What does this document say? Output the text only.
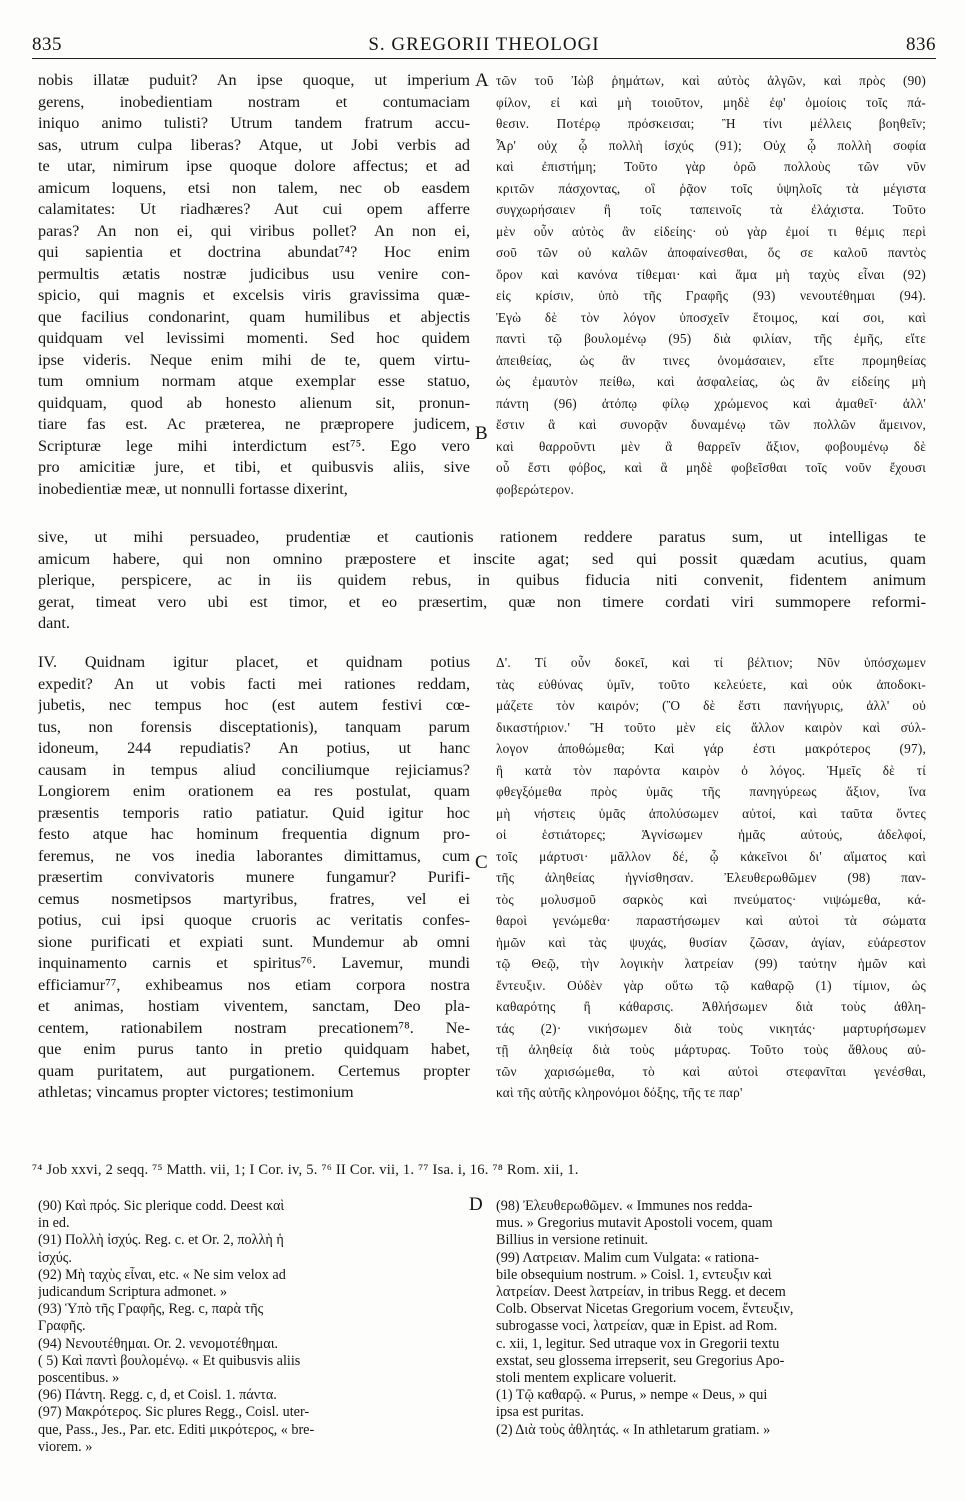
835	S. GREGORII THEOLOGI	836
nobis illatæ puduit? An ipse quoque, ut imperium
gerens, inobedientiam nostram et contumaciam
iniquo animo tulisti? Utrum tandem fratrum accu-
sas, utrum culpa liberas? Atque, ut Jobi verbis ad
te utar, nimirum ipse quoque dolore affectus; et ad
amicum loquens, etsi non talem, nec ob easdem
calamitates: Ut riadhæres? Aut cui opem afferre
paras? An non ei, qui viribus pollet? An non ei,
qui sapientia et doctrina abundat⁷⁴? Hoc enim
permultis ætatis nostræ judicibus usu venire con-
spicio, qui magnis et excelsis viris gravissima quæ-
que facilius condonarint, quam humilibus et abjectis
quidquam vel levissimi momenti. Sed hoc quidem
ipse videris. Neque enim mihi de te, quem virtu-
tum omnium normam atque exemplar esse statuo,
quidquam, quod ab honesto alienum sit, pronun-
tiare fas est. Ac præterea, ne præpropere judicem,
Scripturæ lege mihi interdictum est⁷⁵. Ego vero
pro amicitiæ jure, et tibi, et quibusvis aliis, sive
inobedientiæ meæ, ut nonnulli fortasse dixerint,
τῶν τοῦ Ἰὼβ ῥημάτων, καὶ αὐτὸς ἀλγῶν, καὶ πρὸς (90)
φίλον, εἰ καὶ μὴ τοιοῦτον, μηδὲ ἐφ' ὁμοίοις τοῖς πά-
θεσιν. Ποτέρῳ πρόσκεισαι; Ἢ τίνι μέλλεις βοηθεῖν;
Ἆρ' οὐχ ᾧ πολλὴ ἰσχύς (91); Οὐχ ᾧ πολλὴ σοφία
καὶ ἐπιστήμη; Τοῦτο γὰρ ὁρῶ πολλοὺς τῶν νῦν
κριτῶν πάσχοντας, οἳ ῥᾷον τοῖς ὑψηλοῖς τὰ μέγιστα
συγχωρήσαιεν ἢ τοῖς ταπεινοῖς τὰ ἐλάχιστα. Τοῦτο
μὲν οὖν αὐτὸς ἂν εἰδείης· οὐ γὰρ ἐμοί τι θέμις περὶ
σοῦ τῶν οὐ καλῶν ἀποφαίνεσθαι, ὅς σε καλοῦ παντὸς
ὅρον καὶ κανόνα τίθεμαι· καὶ ἅμα μὴ ταχὺς εἶναι (92)
εἰς κρίσιν, ὑπὸ τῆς Γραφῆς (93) νενουτέθημαι (94).
Ἐγὼ δὲ τὸν λόγον ὑποσχεῖν ἕτοιμος, καί σοι, καὶ
παντὶ τῷ βουλομένῳ (95) διὰ φιλίαν, τῆς ἐμῆς, εἴτε
ἀπειθείας, ὡς ἂν τινες ὀνομάσαιεν, εἴτε προμηθείας
ὡς ἐμαυτὸν πείθω, καὶ ἀσφαλείας, ὡς ἂν εἰδείης μὴ
πάντη (96) ἀτόπῳ φίλῳ χρώμενος καὶ ἀμαθεῖ· ἀλλ'
ἔστιν ἃ καὶ συνορᾷν δυναμένῳ τῶν πολλῶν ἄμεινον,
καὶ θαρροῦντι μὲν ἃ θαρρεῖν ἄξιον, φοβουμένῳ δὲ
οὗ ἔστι φόβος, καὶ ἃ μηδὲ φοβεῖσθαι τοῖς νοῦν ἔχουσι
φοβερώτερον.
A
B
sive, ut mihi persuadeo, prudentiæ et cautionis rationem reddere paratus sum, ut intelligas te
amicum habere, qui non omnino præpostere et inscite agat; sed qui possit quædam acutius, quam
plerique, perspicere, ac in iis quidem rebus, in quibus fiducia niti convenit, fidentem animum
gerat, timeat vero ubi est timor, et eo præsertim, quæ non timere cordati viri summopere reformi-
dant.
IV. Quidnam igitur placet, et quidnam potius
expedit? An ut vobis facti mei rationes reddam,
jubetis, nec tempus hoc (est autem festivi cœ-
tus, non forensis disceptationis), tanquam parum
idoneum, 244 repudiatis? An potius, ut hanc
causam in tempus aliud conciliumque rejiciamus?
Longiorem enim orationem ea res postulat, quam
præsentis temporis ratio patiatur. Quid igitur hoc
festo atque hac hominum frequentia dignum pro-
feremus, ne vos inedia laborantes dimittamus, cum
præsertim convivatoris munere fungamur? Purifi-
cemus nosmetipsos martyribus, fratres, vel ei
potius, cui ipsi quoque cruoris ac veritatis confes-
sione purificati et expiati sunt. Mundemur ab omni
inquinamento carnis et spiritus⁷⁶. Lavemur, mundi
efficiamur⁷⁷, exhibeamus nos etiam corpora nostra
et animas, hostiam viventem, sanctam, Deo pla-
centem, rationabilem nostram precationem⁷⁸. Ne-
que enim purus tanto in pretio quidquam habet,
quam puritatem, aut purgationem. Certemus propter
athletas; vincamus propter victores; testimonium
Δ'. Τί οὖν δοκεῖ, καὶ τί βέλτιον; Νῦν ὑπόσχωμεν
τὰς εὐθύνας ὑμῖν, τοῦτο κελεύετε, καὶ οὐκ ἀποδοκι-
μάζετε τὸν καιρόν; (Ὃ δὲ ἔστι πανήγυρις, ἀλλ' οὐ
δικαστήριον.' Ἢ τοῦτο μὲν εἰς ἄλλον καιρὸν καὶ σύλ-
λογον ἀποθώμεθα; Καὶ γάρ ἐστι μακρότερος (97),
ἢ κατὰ τὸν παρόντα καιρὸν ὁ λόγος. Ἡμεῖς δὲ τί
φθεγξόμεθα πρὸς ὑμᾶς τῆς πανηγύρεως ἄξιον, ἵνα
μὴ νήστεις ὑμᾶς ἀπολύσωμεν αὐτοί, καὶ ταῦτα ὄντες
οἱ ἑστιάτορες; Ἁγνίσωμεν ἡμᾶς αὐτούς, ἀδελφοί,
τοῖς μάρτυσι· μᾶλλον δέ, ᾧ κἀκεῖνοι δι' αἵματος καὶ
τῆς ἀληθείας ἡγνίσθησαν. Ἐλευθερωθῶμεν (98) παν-
τὸς μολυσμοῦ σαρκὸς καὶ πνεύματος· νιψώμεθα, κά-
θαροὶ γενώμεθα· παραστήσωμεν καὶ αὐτοὶ τὰ σώματα
ἡμῶν καὶ τὰς ψυχάς, θυσίαν ζῶσαν, ἁγίαν, εὐάρεστον
τῷ Θεῷ, τὴν λογικὴν λατρείαν (99) ταύτην ἡμῶν καὶ
ἔντευξιν. Οὐδὲν γὰρ οὕτω τῷ καθαρῷ (1) τίμιον, ὡς
καθαρότης ἢ κάθαρσις. Ἀθλήσωμεν διὰ τοὺς ἀθλη-
τάς (2)· νικήσωμεν διὰ τοὺς νικητάς· μαρτυρήσωμεν
τῇ ἀληθείᾳ διὰ τοὺς μάρτυρας. Τοῦτο τοὺς ἄθλους αὐ-
τῶν χαρισώμεθα, τὸ καὶ αὐτοὶ στεφανῖται γενέσθαι,
καὶ τῆς αὐτῆς κληρονόμοι δόξης, τῆς τε παρ'
C
⁷⁴ Job xxvi, 2 seqq. ⁷⁵ Matth. vii, 1; I Cor. iv, 5. ⁷⁶ II Cor. vii, 1. ⁷⁷ Isa. i, 16. ⁷⁸ Rom. xii, 1.
(90) Καὶ πρός. Sic plerique codd. Deest καὶ
in ed.
(91) Πολλὴ ἰσχύς. Reg. c. et Or. 2, πολλὴ ἡ
ἰσχύς.
(92) Μὴ ταχὺς εἶναι, etc. « Ne sim velox ad
judicandum Scriptura admonet. »
(93) Ὑπὸ τῆς Γραφῆς, Reg. c, παρὰ τῆς
Γραφῆς.
(94) Νενουτέθημαι. Or. 2. νενομοτέθημαι.
( 5) Καὶ παντὶ βουλομένῳ. « Et quibusvis aliis
poscentibus. »
(96) Πάντη. Regg. c, d, et Coisl. 1. πάντα.
(97) Μακρότερος. Sic plures Regg., Coisl. uter-
que, Pass., Jes., Par. etc. Editi μικρότερος, « bre-
viorem. »
(98) Ἐλευθερωθῶμεν. « Immunes nos redda-
mus. » Gregorius mutavit Apostoli vocem, quam
Billius in versione retinuit.
(99) Λατρειαν. Malim cum Vulgata: « rationa-
bile obsequium nostrum. » Coisl. 1, εντευξιν καὶ
λατρείαν. Deest λατρείαν, in tribus Regg. et decem
Colb. Observat Nicetas Gregorium vocem, ἔντευξιν,
subrogasse voci, λατρείαν, quæ in Epist. ad Rom.
c. xii, 1, legitur. Sed utraque vox in Gregorii textu
exstat, seu glossema irrepserit, seu Gregorius Apo-
stoli mentem explicare voluerit.
(1) Τῷ καθαρῷ. « Purus, » nempe « Deus, » qui
ipsa est puritas.
(2) Διὰ τοὺς ἀθλητάς. « In athletarum gratiam. »
D
